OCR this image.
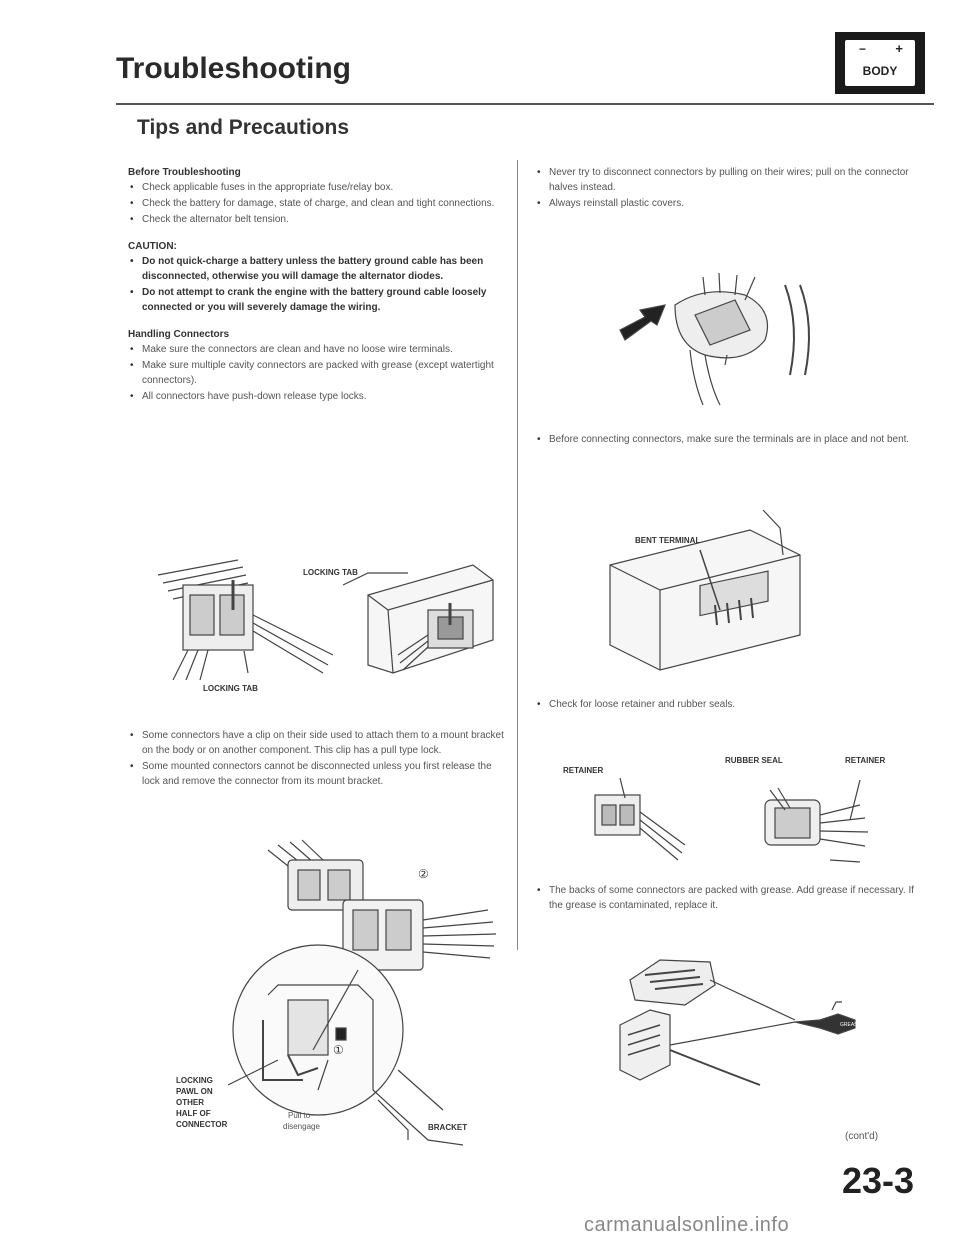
Troubleshooting
− +
BODY
Tips and Precautions
Before Troubleshooting
• Check applicable fuses in the appropriate fuse/relay box.
• Check the battery for damage, state of charge, and clean and tight connections.
• Check the alternator belt tension.
CAUTION:
• Do not quick-charge a battery unless the battery ground cable has been disconnected, otherwise you will damage the alternator diodes.
• Do not attempt to crank the engine with the battery ground cable loosely connected or you will severely damage the wiring.
Handling Connectors
• Make sure the connectors are clean and have no loose wire terminals.
• Make sure multiple cavity connectors are packed with grease (except watertight connectors).
• All connectors have push-down release type locks.
LOCKING TAB
LOCKING TAB
• Some connectors have a clip on their side used to attach them to a mount bracket on the body or on another component. This clip has a pull type lock.
• Some mounted connectors cannot be disconnected unless you first release the lock and remove the connector from its mount bracket.
②
①
LOCKING
PAWL ON
OTHER
HALF OF
CONNECTOR
Pull to
disengage	BRACKET
• Never try to disconnect connectors by pulling on their wires; pull on the connector halves instead.
• Always reinstall plastic covers.
• Before connecting connectors, make sure the terminals are in place and not bent.
BENT TERMINAL
• Check for loose retainer and rubber seals.
RETAINER
RUBBER SEAL	RETAINER
• The backs of some connectors are packed with grease. Add grease if necessary. If the grease is contaminated, replace it.
GREASE
(cont'd)
23-3
carmanualsonline.info
